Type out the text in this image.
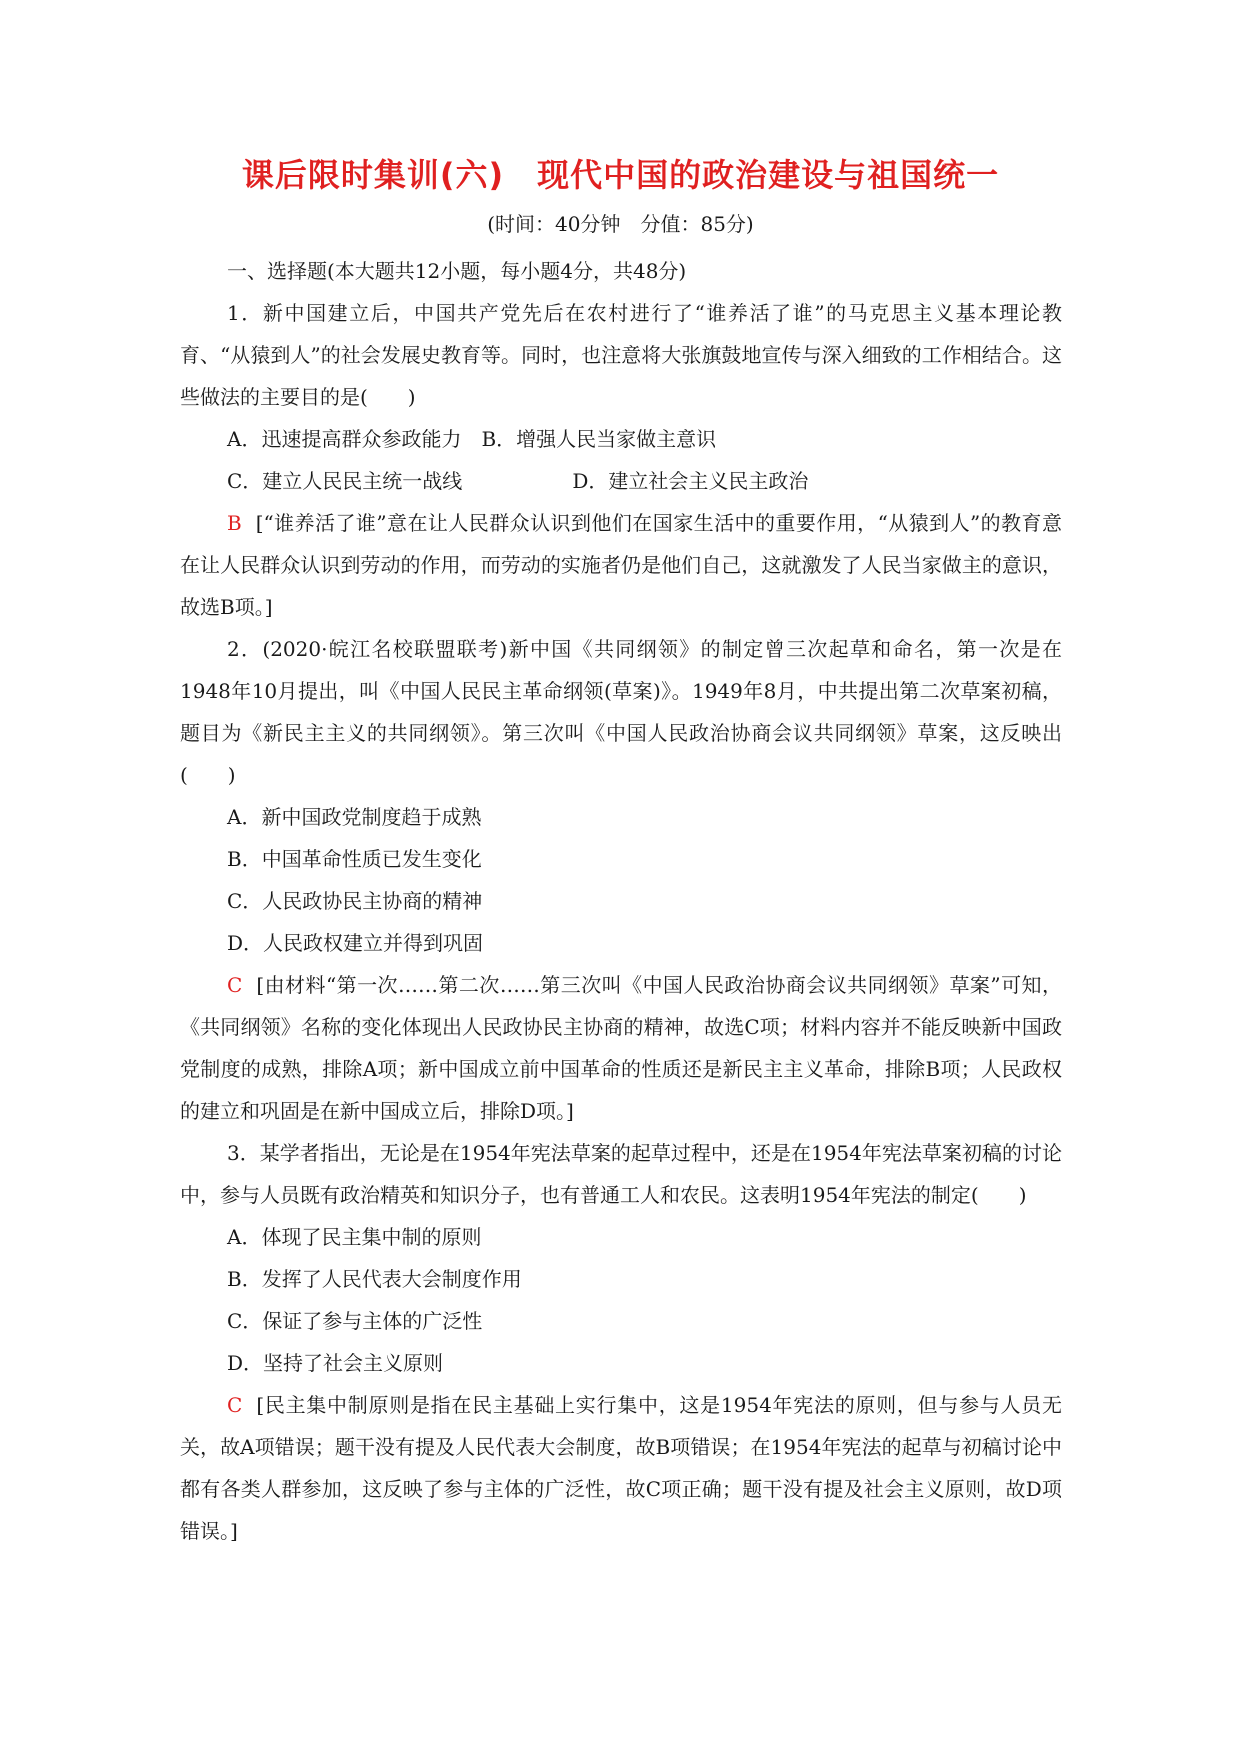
课后限时集训(六)　现代中国的政治建设与祖国统一
(时间：40分钟　分值：85分)

一、选择题(本大题共12小题，每小题4分，共48分)

1．新中国建立后，中国共产党先后在农村进行了“谁养活了谁”的马克思主义基本理论教育、“从猿到人”的社会发展史教育等。同时，也注意将大张旗鼓地宣传与深入细致的工作相结合。这些做法的主要目的是(　　)

A．迅速提高群众参政能力 B．增强人民当家做主意识

C．建立人民民主统一战线	D．建立社会主义民主政治

B [“谁养活了谁”意在让人民群众认识到他们在国家生活中的重要作用，“从猿到人”的教育意在让人民群众认识到劳动的作用，而劳动的实施者仍是他们自己，这就激发了人民当家做主的意识，故选B项。]

2．(2020·皖江名校联盟联考)新中国《共同纲领》的制定曾三次起草和命名，第一次是在1948年10月提出，叫《中国人民民主革命纲领(草案)》。1949年8月，中共提出第二次草案初稿，题目为《新民主主义的共同纲领》。第三次叫《中国人民政治协商会议共同纲领》草案，这反映出(　　)

A．新中国政党制度趋于成熟

B．中国革命性质已发生变化

C．人民政协民主协商的精神

D．人民政权建立并得到巩固

C [由材料“第一次……第二次……第三次叫《中国人民政治协商会议共同纲领》草案”可知，《共同纲领》名称的变化体现出人民政协民主协商的精神，故选C项；材料内容并不能反映新中国政党制度的成熟，排除A项；新中国成立前中国革命的性质还是新民主主义革命，排除B项；人民政权的建立和巩固是在新中国成立后，排除D项。]

3．某学者指出，无论是在1954年宪法草案的起草过程中，还是在1954年宪法草案初稿的讨论中，参与人员既有政治精英和知识分子，也有普通工人和农民。这表明1954年宪法的制定(　　)

A．体现了民主集中制的原则

B．发挥了人民代表大会制度作用

C．保证了参与主体的广泛性

D．坚持了社会主义原则

C [民主集中制原则是指在民主基础上实行集中，这是1954年宪法的原则，但与参与人员无关，故A项错误；题干没有提及人民代表大会制度，故B项错误；在1954年宪法的起草与初稿讨论中都有各类人群参加，这反映了参与主体的广泛性，故C项正确；题干没有提及社会主义原则，故D项错误。]
